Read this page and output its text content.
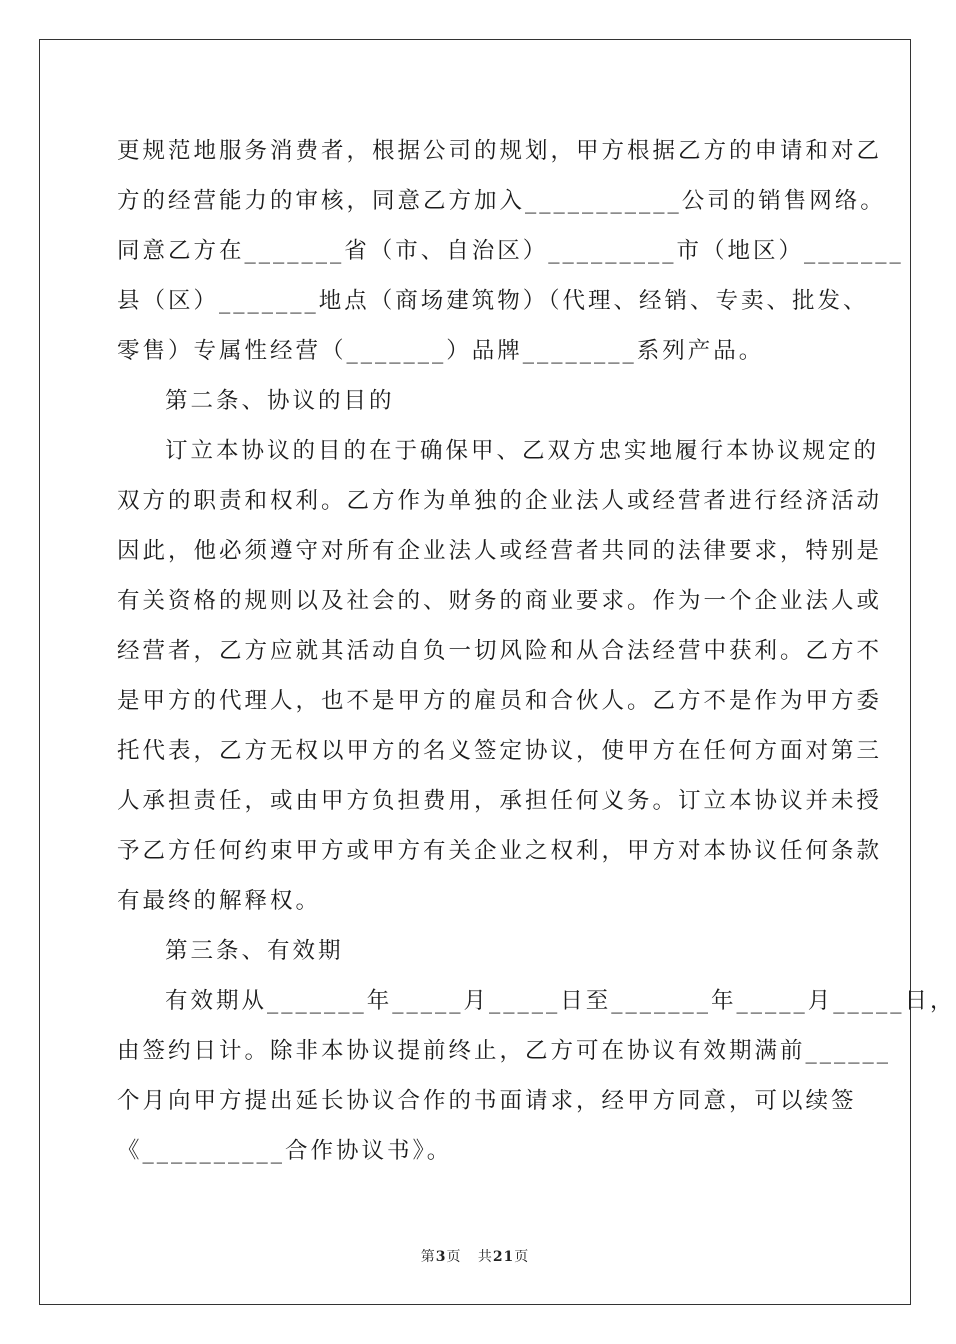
更规范地服务消费者，根据公司的规划，甲方根据乙方的申请和对乙
方的经营能力的审核，同意乙方加入___________公司的销售网络。
同意乙方在_______省（市、自治区）_________市（地区）_______
县（区）_______地点（商场建筑物）（代理、经销、专卖、批发、
零售）专属性经营（_______）品牌________系列产品。
第二条、协议的目的
订立本协议的目的在于确保甲、乙双方忠实地履行本协议规定的
双方的职责和权利。乙方作为单独的企业法人或经营者进行经济活动
因此，他必须遵守对所有企业法人或经营者共同的法律要求，特别是
有关资格的规则以及社会的、财务的商业要求。作为一个企业法人或
经营者，乙方应就其活动自负一切风险和从合法经营中获利。乙方不
是甲方的代理人，也不是甲方的雇员和合伙人。乙方不是作为甲方委
托代表，乙方无权以甲方的名义签定协议，使甲方在任何方面对第三
人承担责任，或由甲方负担费用，承担任何义务。订立本协议并未授
予乙方任何约束甲方或甲方有关企业之权利，甲方对本协议任何条款
有最终的解释权。
第三条、有效期
有效期从_______年_____月_____日至_______年_____月_____日，
由签约日计。除非本协议提前终止，乙方可在协议有效期满前______
个月向甲方提出延长协议合作的书面请求，经甲方同意，可以续签
《__________合作协议书》。
第3页 共21页
